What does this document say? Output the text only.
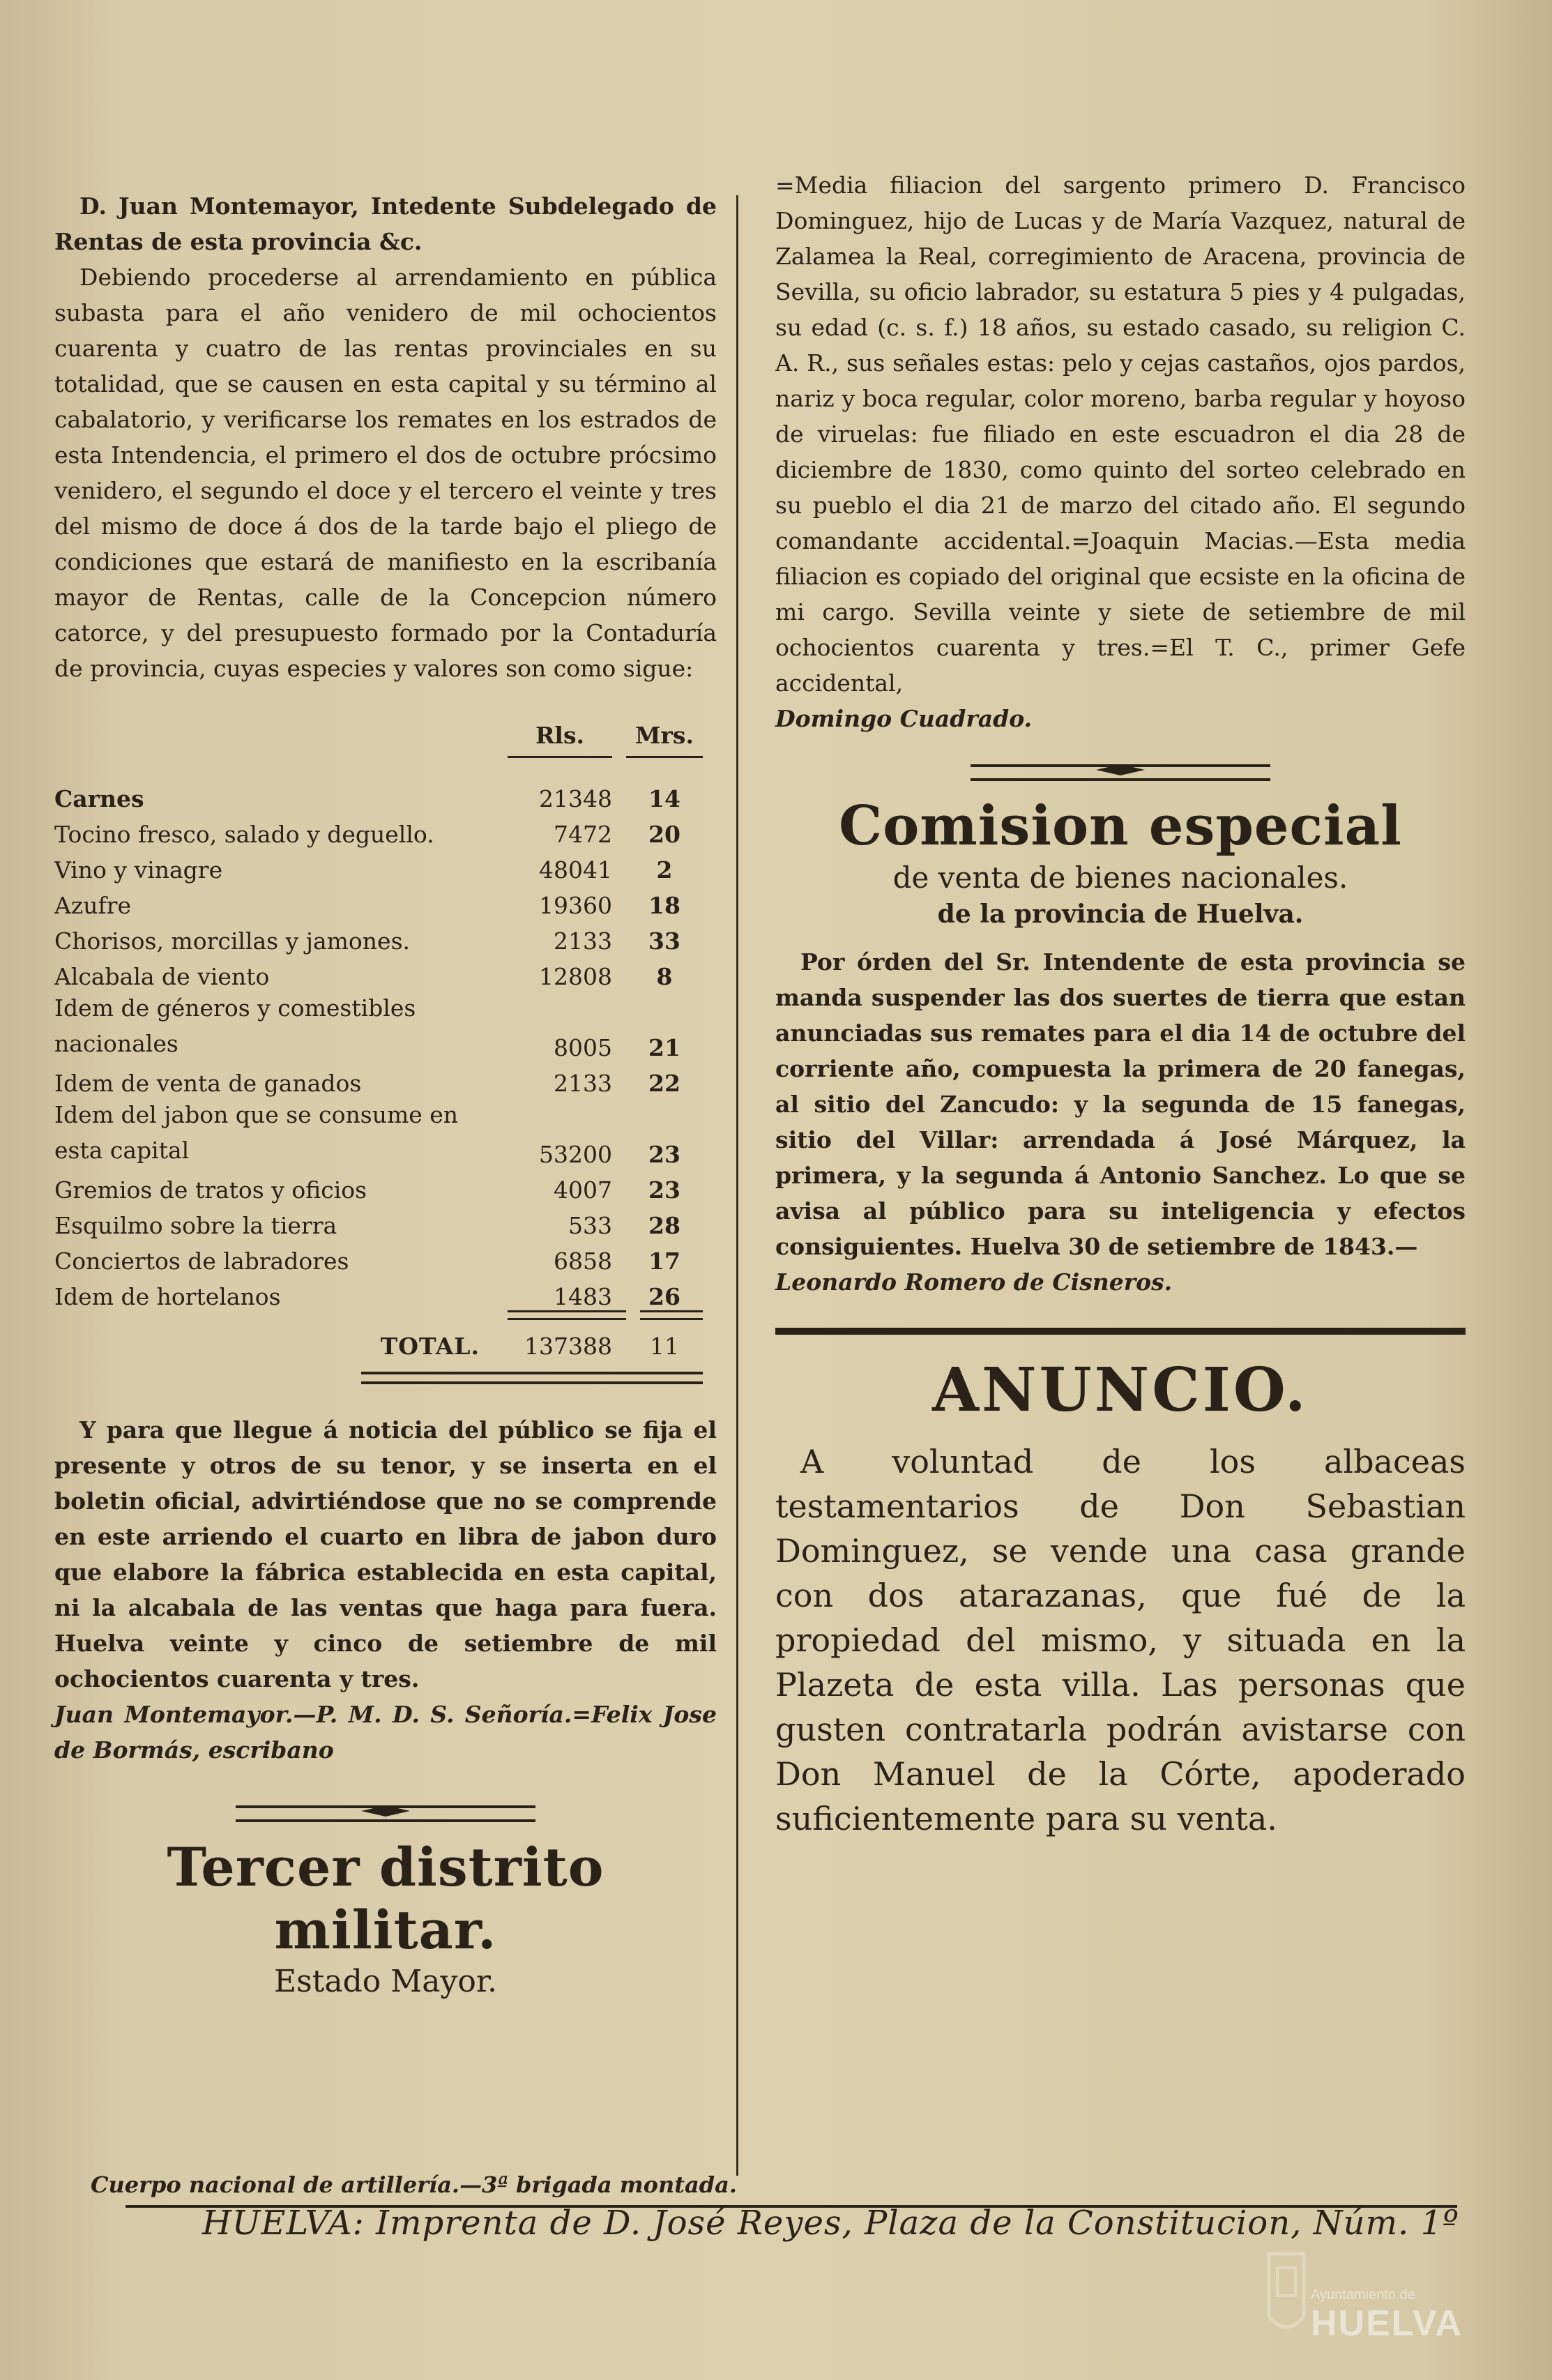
D. Juan Montemayor, Intedente Subdelegado de Rentas de esta provincia &c.

Debiendo procederse al arrendamiento en pública subasta para el año venidero de mil ochocientos cuarenta y cuatro de las rentas provinciales en su totalidad, que se causen en esta capital y su término al cabalatorio, y verificarse los remates en los estrados de esta Intendencia, el primero el dos de octubre prócsimo venidero, el segundo el doce y el tercero el veinte y tres del mismo de doce á dos de la tarde bajo el pliego de condiciones que estará de manifiesto en la escribanía mayor de Rentas, calle de la Concepcion número catorce, y del presupuesto formado por la Contaduría de provincia, cuyas especies y valores son como sigue:

Rls.	Mrs.
Carnes	21348	14
Tocino fresco, salado y deguello.	7472	20
Vino y vinagre	48041	2
Azufre	19360	18
Chorisos, morcillas y jamones.	2133	33
Alcabala de viento	12808	8
Idem de géneros y comestibles nacionales	8005	21
Idem de venta de ganados	2133	22
Idem del jabon que se consume en esta capital	53200	23
Gremios de tratos y oficios	4007	23
Esquilmo sobre la tierra	533	28
Conciertos de labradores	6858	17
Idem de hortelanos	1483	26
TOTAL.	137388	11

Y para que llegue á noticia del público se fija el presente y otros de su tenor, y se inserta en el boletin oficial, advirtiéndose que no se comprende en este arriendo el cuarto en libra de jabon duro que elabore la fábrica establecida en esta capital, ni la alcabala de las ventas que haga para fuera. Huelva veinte y cinco de setiembre de mil ochocientos cuarenta y tres.

Juan Montemayor.—P. M. D. S. Señoría.=Felix Jose de Bormás, escribano

Tercer distrito militar.
Estado Mayor.
Cuerpo nacional de artillería.—3ª brigada montada.

=Media filiacion del sargento primero D. Francisco Dominguez, hijo de Lucas y de María Vazquez, natural de Zalamea la Real, corregimiento de Aracena, provincia de Sevilla, su oficio labrador, su estatura 5 pies y 4 pulgadas, su edad (c. s. f.) 18 años, su estado casado, su religion C. A. R., sus señales estas: pelo y cejas castaños, ojos pardos, nariz y boca regular, color moreno, barba regular y hoyoso de viruelas: fue filiado en este escuadron el dia 28 de diciembre de 1830, como quinto del sorteo celebrado en su pueblo el dia 21 de marzo del citado año. El segundo comandante accidental.=Joaquin Macias.—Esta media filiacion es copiado del original que ecsiste en la oficina de mi cargo. Sevilla veinte y siete de setiembre de mil ochocientos cuarenta y tres.=El T. C., primer Gefe accidental,

Domingo Cuadrado.

Comision especial
de venta de bienes nacionales.
de la provincia de Huelva.

Por órden del Sr. Intendente de esta provincia se manda suspender las dos suertes de tierra que estan anunciadas sus remates para el dia 14 de octubre del corriente año, compuesta la primera de 20 fanegas, al sitio del Zancudo: y la segunda de 15 fanegas, sitio del Villar: arrendada á José Márquez, la primera, y la segunda á Antonio Sanchez. Lo que se avisa al público para su inteligencia y efectos consiguientes. Huelva 30 de setiembre de 1843.—

Leonardo Romero de Cisneros.

ANUNCIO.

A voluntad de los albaceas testamentarios de Don Sebastian Dominguez, se vende una casa grande con dos atarazanas, que fué de la propiedad del mismo, y situada en la Plazeta de esta villa. Las personas que gusten contratarla podrán avistarse con Don Manuel de la Córte, apoderado suficientemente para su venta.

HUELVA: Imprenta de D. José Reyes, Plaza de la Constitucion, Núm. 1º
Ayuntamiento de
HUELVA
